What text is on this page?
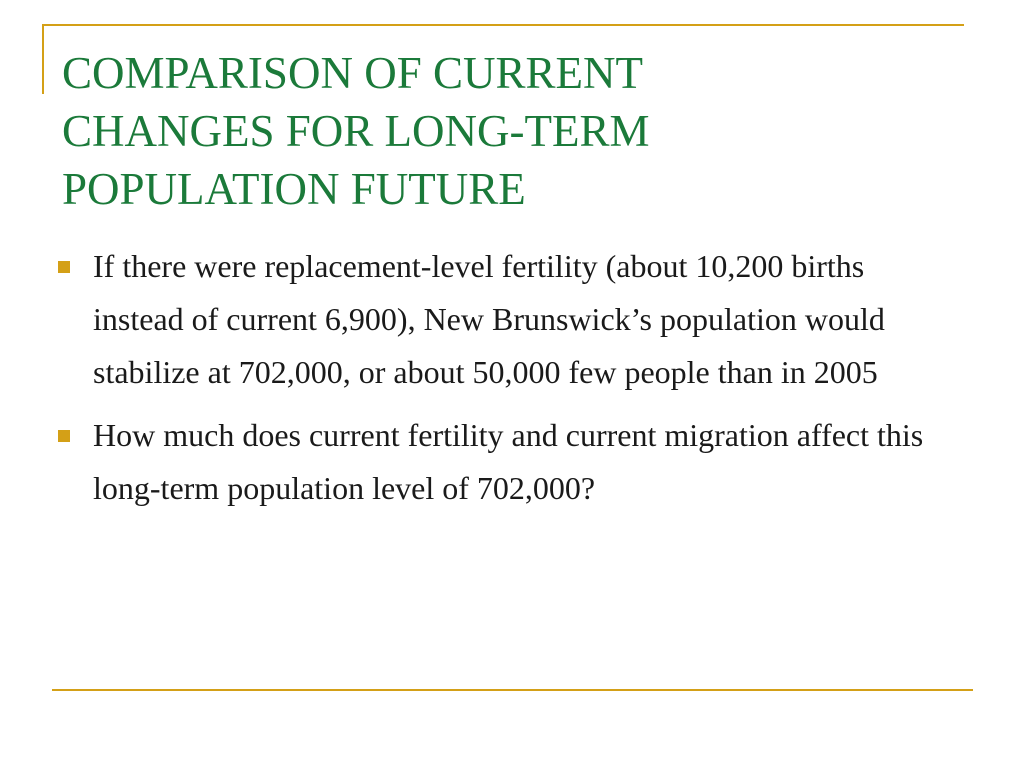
COMPARISON OF CURRENT
CHANGES FOR LONG-TERM
POPULATION FUTURE
If there were replacement-level fertility (about 10,200 births instead of current 6,900), New Brunswick’s population would stabilize at 702,000, or about 50,000 few people than in 2005
How much does current fertility and current migration affect this long-term population level of 702,000?
